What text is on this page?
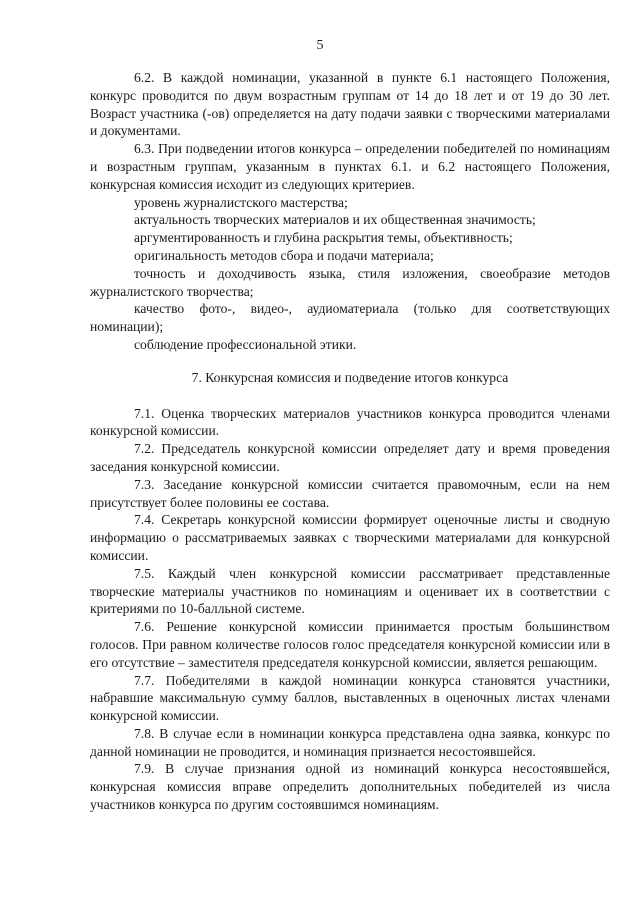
5

6.2. В каждой номинации, указанной в пункте 6.1 настоящего Положения, конкурс проводится по двум возрастным группам от 14 до 18 лет и от 19 до 30 лет. Возраст участника (-ов) определяется на дату подачи заявки с творческими материалами и документами.

6.3. При подведении итогов конкурса – определении победителей по номинациям и возрастным группам, указанным в пунктах 6.1. и 6.2 настоящего Положения, конкурсная комиссия исходит из следующих критериев.

уровень журналистского мастерства;

актуальность творческих материалов и их общественная значимость;

аргументированность и глубина раскрытия темы, объективность;

оригинальность методов сбора и подачи материала;

точность и доходчивость языка, стиля изложения, своеобразие методов журналистского творчества;

качество фото-, видео-, аудиоматериала (только для соответствующих номинации);

соблюдение профессиональной этики.

7. Конкурсная комиссия и подведение итогов конкурса

7.1. Оценка творческих материалов участников конкурса проводится членами конкурсной комиссии.

7.2. Председатель конкурсной комиссии определяет дату и время проведения заседания конкурсной комиссии.

7.3. Заседание конкурсной комиссии считается правомочным, если на нем присутствует более половины ее состава.

7.4. Секретарь конкурсной комиссии формирует оценочные листы и сводную информацию о рассматриваемых заявках с творческими материалами для конкурсной комиссии.

7.5. Каждый член конкурсной комиссии рассматривает представленные творческие материалы участников по номинациям и оценивает их в соответствии с критериями по 10-балльной системе.

7.6. Решение конкурсной комиссии принимается простым большинством голосов. При равном количестве голосов голос председателя конкурсной комиссии или в его отсутствие – заместителя председателя конкурсной комиссии, является решающим.

7.7. Победителями в каждой номинации конкурса становятся участники, набравшие максимальную сумму баллов, выставленных в оценочных листах членами конкурсной комиссии.

7.8. В случае если в номинации конкурса представлена одна заявка, конкурс по данной номинации не проводится, и номинация признается несостоявшейся.

7.9. В случае признания одной из номинаций конкурса несостоявшейся, конкурсная комиссия вправе определить дополнительных победителей из числа участников конкурса по другим состоявшимся номинациям.
